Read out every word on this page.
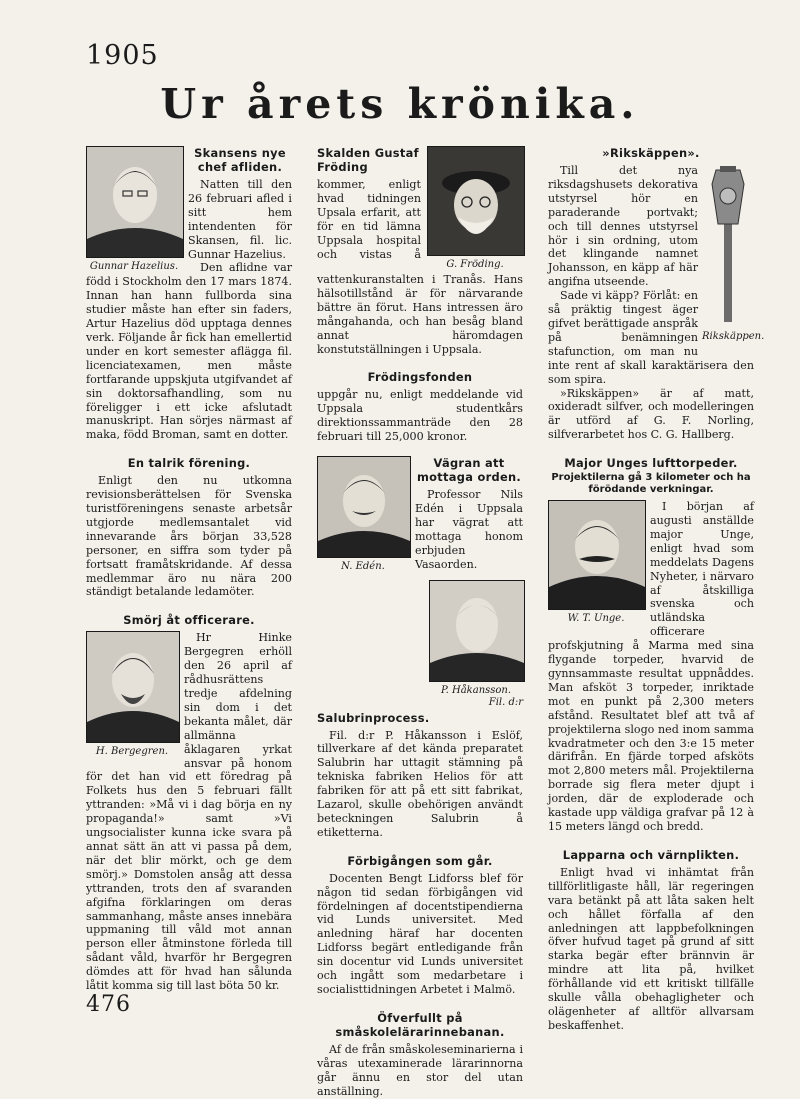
1905
Ur årets krönika.
Gunnar Hazelius.
Skansens nye chef afliden.

Natten till den 26 februari afled i sitt hem intendenten för Skansen, fil. lic. Gunnar Hazelius.

Den aflidne var född i Stockholm den 17 mars 1874. Innan han hann fullborda sina studier måste han efter sin faders, Artur Hazelius död upptaga dennes verk. Följande år fick han emellertid under en kort semester aflägga fil. licenciatexamen, men måste fortfarande uppskjuta utgifvandet af sin doktorsafhandling, som nu föreligger i ett icke afslutadt manuskript. Han sörjes närmast af maka, född Broman, samt en dotter.

En talrik förening.

Enligt den nu utkomna revisionsberättelsen för Svenska turistföreningens senaste arbetsår utgjorde medlemsantalet vid innevarande års början 33,528 personer, en siffra som tyder på fortsatt framåtskridande. Af dessa medlemmar äro nu nära 200 ständigt betalande ledamöter.

Smörj åt officerare.
H. Bergegren.

Hr Hinke Bergegren erhöll den 26 april af rådhusrättens tredje afdelning sin dom i det bekanta målet, där allmänna åklagaren yrkat ansvar på honom för det han vid ett föredrag på Folkets hus den 5 februari fällt yttranden: »Må vi i dag börja en ny propaganda!» samt »Vi ungsocialister kunna icke svara på annat sätt än att vi passa på dem, när det blir mörkt, och ge dem smörj.» Domstolen ansåg att dessa yttranden, trots den af svaranden afgifna förklaringen om deras sammanhang, måste anses innebära uppmaning till våld mot annan person eller åtminstone förleda till sådant våld, hvarför hr Bergegren dömdes att för hvad han sålunda låtit komma sig till last böta 50 kr.

G. Fröding.
Skalden Gustaf Fröding

kommer, enligt hvad tidningen Upsala erfarit, att för en tid lämna Uppsala hospital och vistas å vattenkuranstalten i Tranås. Hans hälsotillstånd är för närvarande bättre än förut. Hans intressen äro mångahanda, och han besåg bland annat häromdagen konstutställningen i Uppsala.

Frödingsfonden

uppgår nu, enligt meddelande vid Uppsala studentkårs direktionssammanträde den 28 februari till 25,000 kronor.

N. Edén.
Vägran att mottaga orden.

Professor Nils Edén i Uppsala har vägrat att mottaga honom erbjuden Vasaorden.

P. Håkansson.
Fil. d:r
Salubrinprocess.

Fil. d:r P. Håkansson i Eslöf, tillverkare af det kända preparatet Salubrin har uttagit stämning på tekniska fabriken Helios för att fabriken för att på ett sitt fabrikat, Lazarol, skulle obehörigen användt beteckningen Salubrin å etiketterna.

Förbigången som går.

Docenten Bengt Lidforss blef för någon tid sedan förbigången vid fördelningen af docentstipendierna vid Lunds universitet. Med anledning häraf har docenten Lidforss begärt entledigande från sin docentur vid Lunds universitet och ingått som medarbetare i socialisttidningen Arbetet i Malmö.

Öfverfullt på småskolelärarinnebanan.

Af de från småskoleseminarierna i våras utexaminerade lärarinnorna går ännu en stor del utan anställning.

»Rikskäppen».
Rikskäppen.

Till det nya riksdagshusets dekorativa utstyrsel hör en paraderande portvakt; och till dennes utstyrsel hör i sin ordning, utom det klingande namnet Johansson, en käpp af här angifna utseende.

Sade vi käpp? Förlåt: en så präktig tingest äger gifvet berättigade anspråk på benämningen stafunction, om man nu inte rent af skall karaktärisera den som spira.

»Rikskäppen» är af matt, oxideradt silfver, och modelleringen är utförd af G. F. Norling, silfverarbetet hos C. G. Hallberg.

Major Unges lufttorpeder.
Projektilerna gå 3 kilometer och ha förödande verkningar.
W. T. Unge.

I början af augusti anställde major Unge, enligt hvad som meddelats Dagens Nyheter, i närvaro af åtskilliga svenska och utländska officerare profskjutning å Marma med sina flygande torpeder, hvarvid de gynnsammaste resultat uppnåddes. Man afsköt 3 torpeder, inriktade mot en punkt på 2,300 meters afstånd. Resultatet blef att två af projektilerna slogo ned inom samma kvadratmeter och den 3:e 15 meter därifrån. En fjärde torped afsköts mot 2,800 meters mål. Projektilerna borrade sig flera meter djupt i jorden, där de exploderade och kastade upp väldiga grafvar på 12 à 15 meters längd och bredd.

Lapparna och värnplikten.

Enligt hvad vi inhämtat från tillförlitligaste håll, lär regeringen vara betänkt på att låta saken helt och hållet förfalla af den anledningen att lappbefolkningen öfver hufvud taget på grund af sitt starka begär efter brännvin är mindre att lita på, hvilket förhållande vid ett kritiskt tillfälle skulle vålla obehagligheter och olägenheter af alltför allvarsam beskaffenhet.

476
